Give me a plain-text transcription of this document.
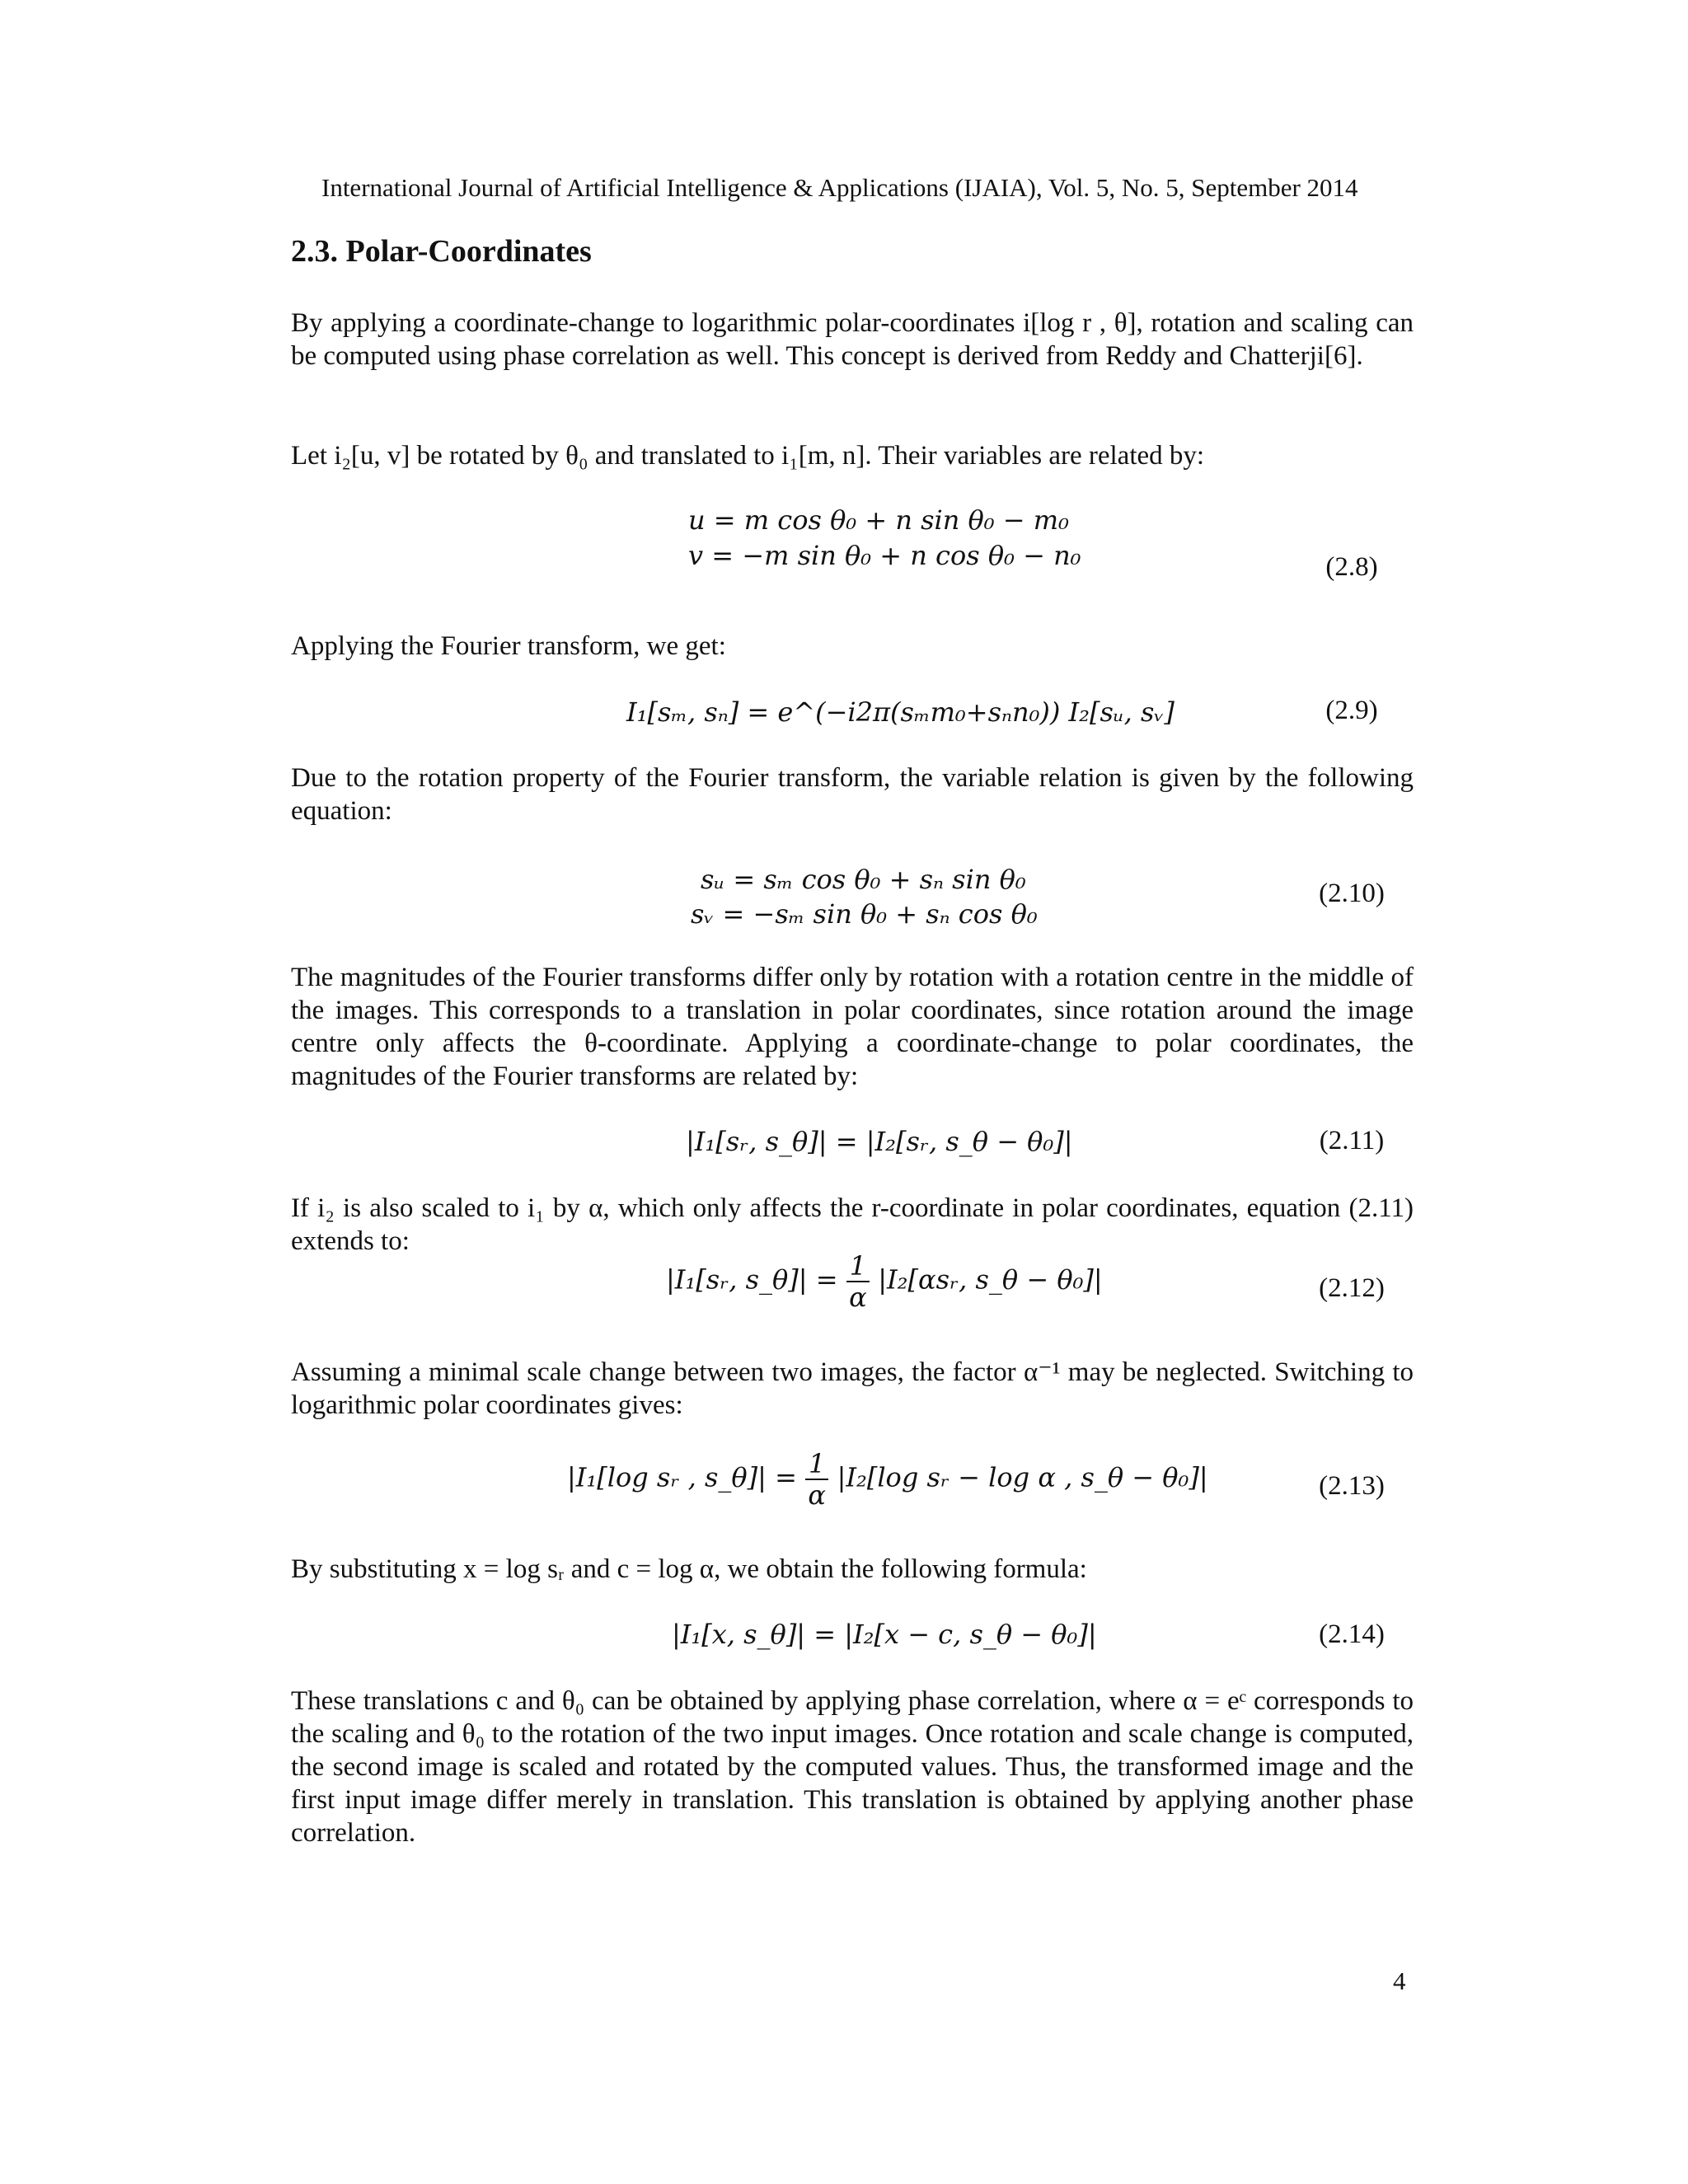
International Journal of Artificial Intelligence & Applications (IJAIA), Vol. 5, No. 5, September 2014
2.3. Polar-Coordinates
By applying a coordinate-change to logarithmic polar-coordinates i[log r , θ], rotation and scaling can be computed using phase correlation as well. This concept is derived from Reddy and Chatterji[6].
Let i₂[u, v] be rotated by θ₀ and translated to i₁[m, n]. Their variables are related by:
u = m cos θ₀ + n sin θ₀ − m₀
v = −m sin θ₀ + n cos θ₀ − n₀	(2.8)
Applying the Fourier transform, we get:
I₁[sₘ, sₙ] = e^(−i2π(sₘm₀+sₙn₀)) I₂[sᵤ, sᵥ]	(2.9)
Due to the rotation property of the Fourier transform, the variable relation is given by the following equation:
sᵤ = sₘ cos θ₀ + sₙ sin θ₀
sᵥ = −sₘ sin θ₀ + sₙ cos θ₀
(2.10)
The magnitudes of the Fourier transforms differ only by rotation with a rotation centre in the middle of the images. This corresponds to a translation in polar coordinates, since rotation around the image centre only affects the θ-coordinate. Applying a coordinate-change to polar coordinates, the magnitudes of the Fourier transforms are related by:
|I₁[sᵣ, s_θ]| = |I₂[sᵣ, s_θ − θ₀]|	(2.11)
If i₂ is also scaled to i₁ by α, which only affects the r-coordinate in polar coordinates, equation (2.11) extends to:
|I₁[sᵣ, s_θ]| = $\frac{1}{\alpha}$ |I₂[αsᵣ, s_θ − θ₀]|	(2.12)
Assuming a minimal scale change between two images, the factor α⁻¹ may be neglected. Switching to logarithmic polar coordinates gives:
|I₁[log sᵣ , s_θ]| = $\frac{1}{\alpha} |I_2[\log$ sᵣ − log α , s_θ − θ₀]|	(2.13)
By substituting x = log sᵣ and c = log α, we obtain the following formula:
|I₁[x, s_θ]| = |I₂[x − c, s_θ − θ₀]|	(2.14)
These translations c and θ₀ can be obtained by applying phase correlation, where α = eᶜ corresponds to the scaling and θ₀ to the rotation of the two input images. Once rotation and scale change is computed, the second image is scaled and rotated by the computed values. Thus, the transformed image and the first input image differ merely in translation. This translation is obtained by applying another phase correlation.
4
